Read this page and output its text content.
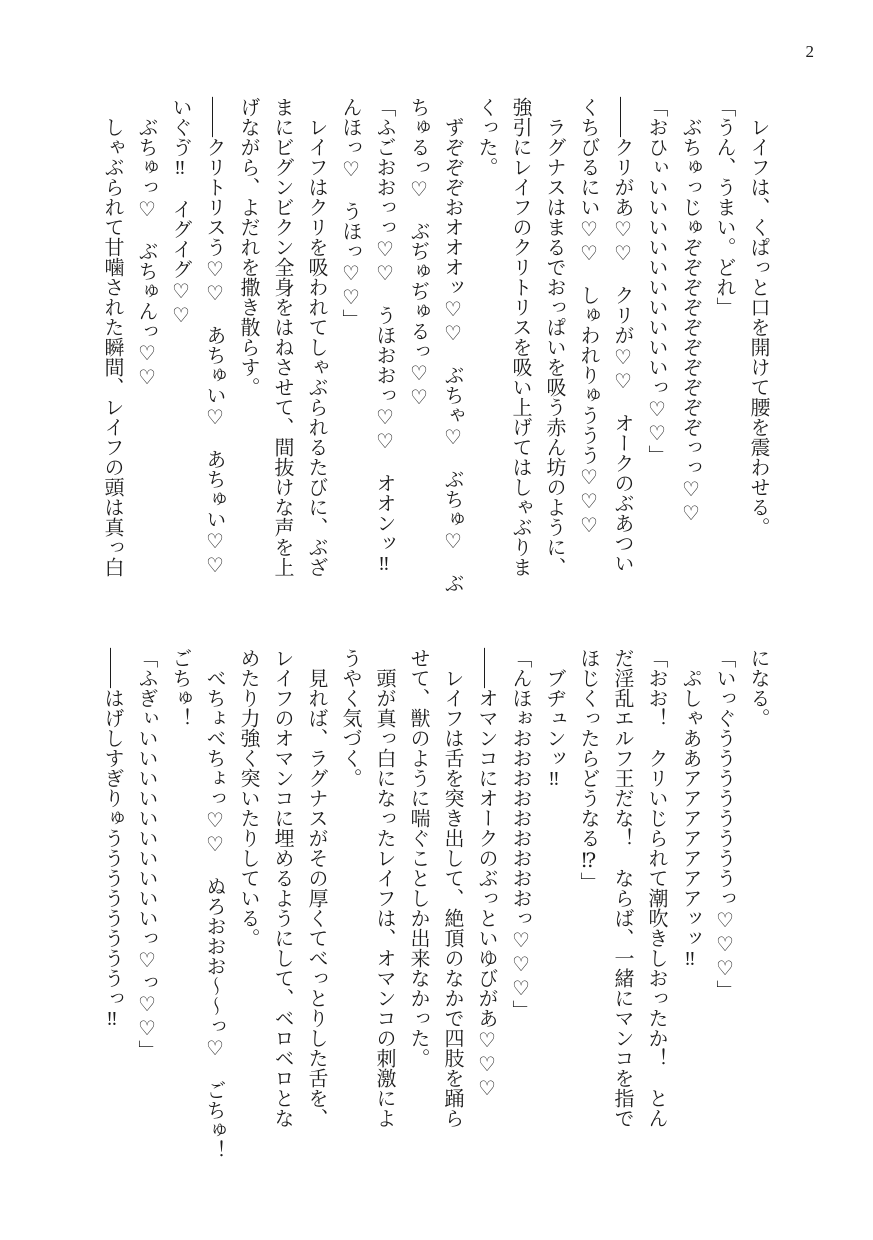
2

レイフは、くぱっと口を開けて腰を震わせる。

「うん、うまい。どれ」

ぶちゅっじゅぞぞぞぞぞぞぞぞぞぞっっ♡♡

「おひぃいいいいいいいいいいっ♡♡」

――クリがあ♡♡　クリが♡♡　オークのぶあつい

くちびるにい♡♡　しゅわれりゅううう♡♡♡

ラグナスはまるでおっぱいを吸う赤ん坊のように、

強引にレイフのクリトリスを吸い上げてはしゃぶりま

くった。

ずぞぞぞおオオオッ♡♡　ぶちゃ♡　ぶちゅ♡　ぶ

ちゅるっ♡　ぶぢゅぢゅるっ♡♡

「ふごおおっっ♡♡　うほおおっ♡♡　オオンッ‼

んほっ♡　うほっ♡♡」

レイフはクリを吸われてしゃぶられるたびに、ぶざ

まにビグンビクン全身をはねさせて、間抜けな声を上

げながら、よだれを撒き散らす。

――クリトリスう♡♡　あちゅい♡　あちゅい♡♡

いぐゔ‼　イグイグ♡♡

ぶちゅっ♡　ぶちゅんっ♡♡

しゃぶられて甘噛された瞬間、レイフの頭は真っ白

になる。

「いっぐううううううううっ♡♡♡」

ぷしゃああアアアアアアアッッ‼

「おお！　クリいじられて潮吹きしおったか！　とん

だ淫乱エルフ王だな！　ならば、一緒にマンコを指で

ほじくったらどうなる⁉」

ブヂュンッ‼

「んほぉおおおおおおおおおっ♡♡♡」

――オマンコにオークのぶっといゆびがあ♡♡♡

レイフは舌を突き出して、絶頂のなかで四肢を踊ら

せて、獣のように喘ぐことしか出来なかった。

頭が真っ白になったレイフは、オマンコの刺激によ

うやく気づく。

見れば、ラグナスがその厚くてべっとりした舌を、

レイフのオマンコに埋めるようにして、ベロベロとな

めたり力強く突いたりしている。

べちょべちょっ♡♡　ぬろおおお～～っ♡　ごちゅ！

ごちゅ！

「ふぎぃいいいいいいいいいいっ♡っ♡♡」

――はげしすぎりゅううううううううっ‼
